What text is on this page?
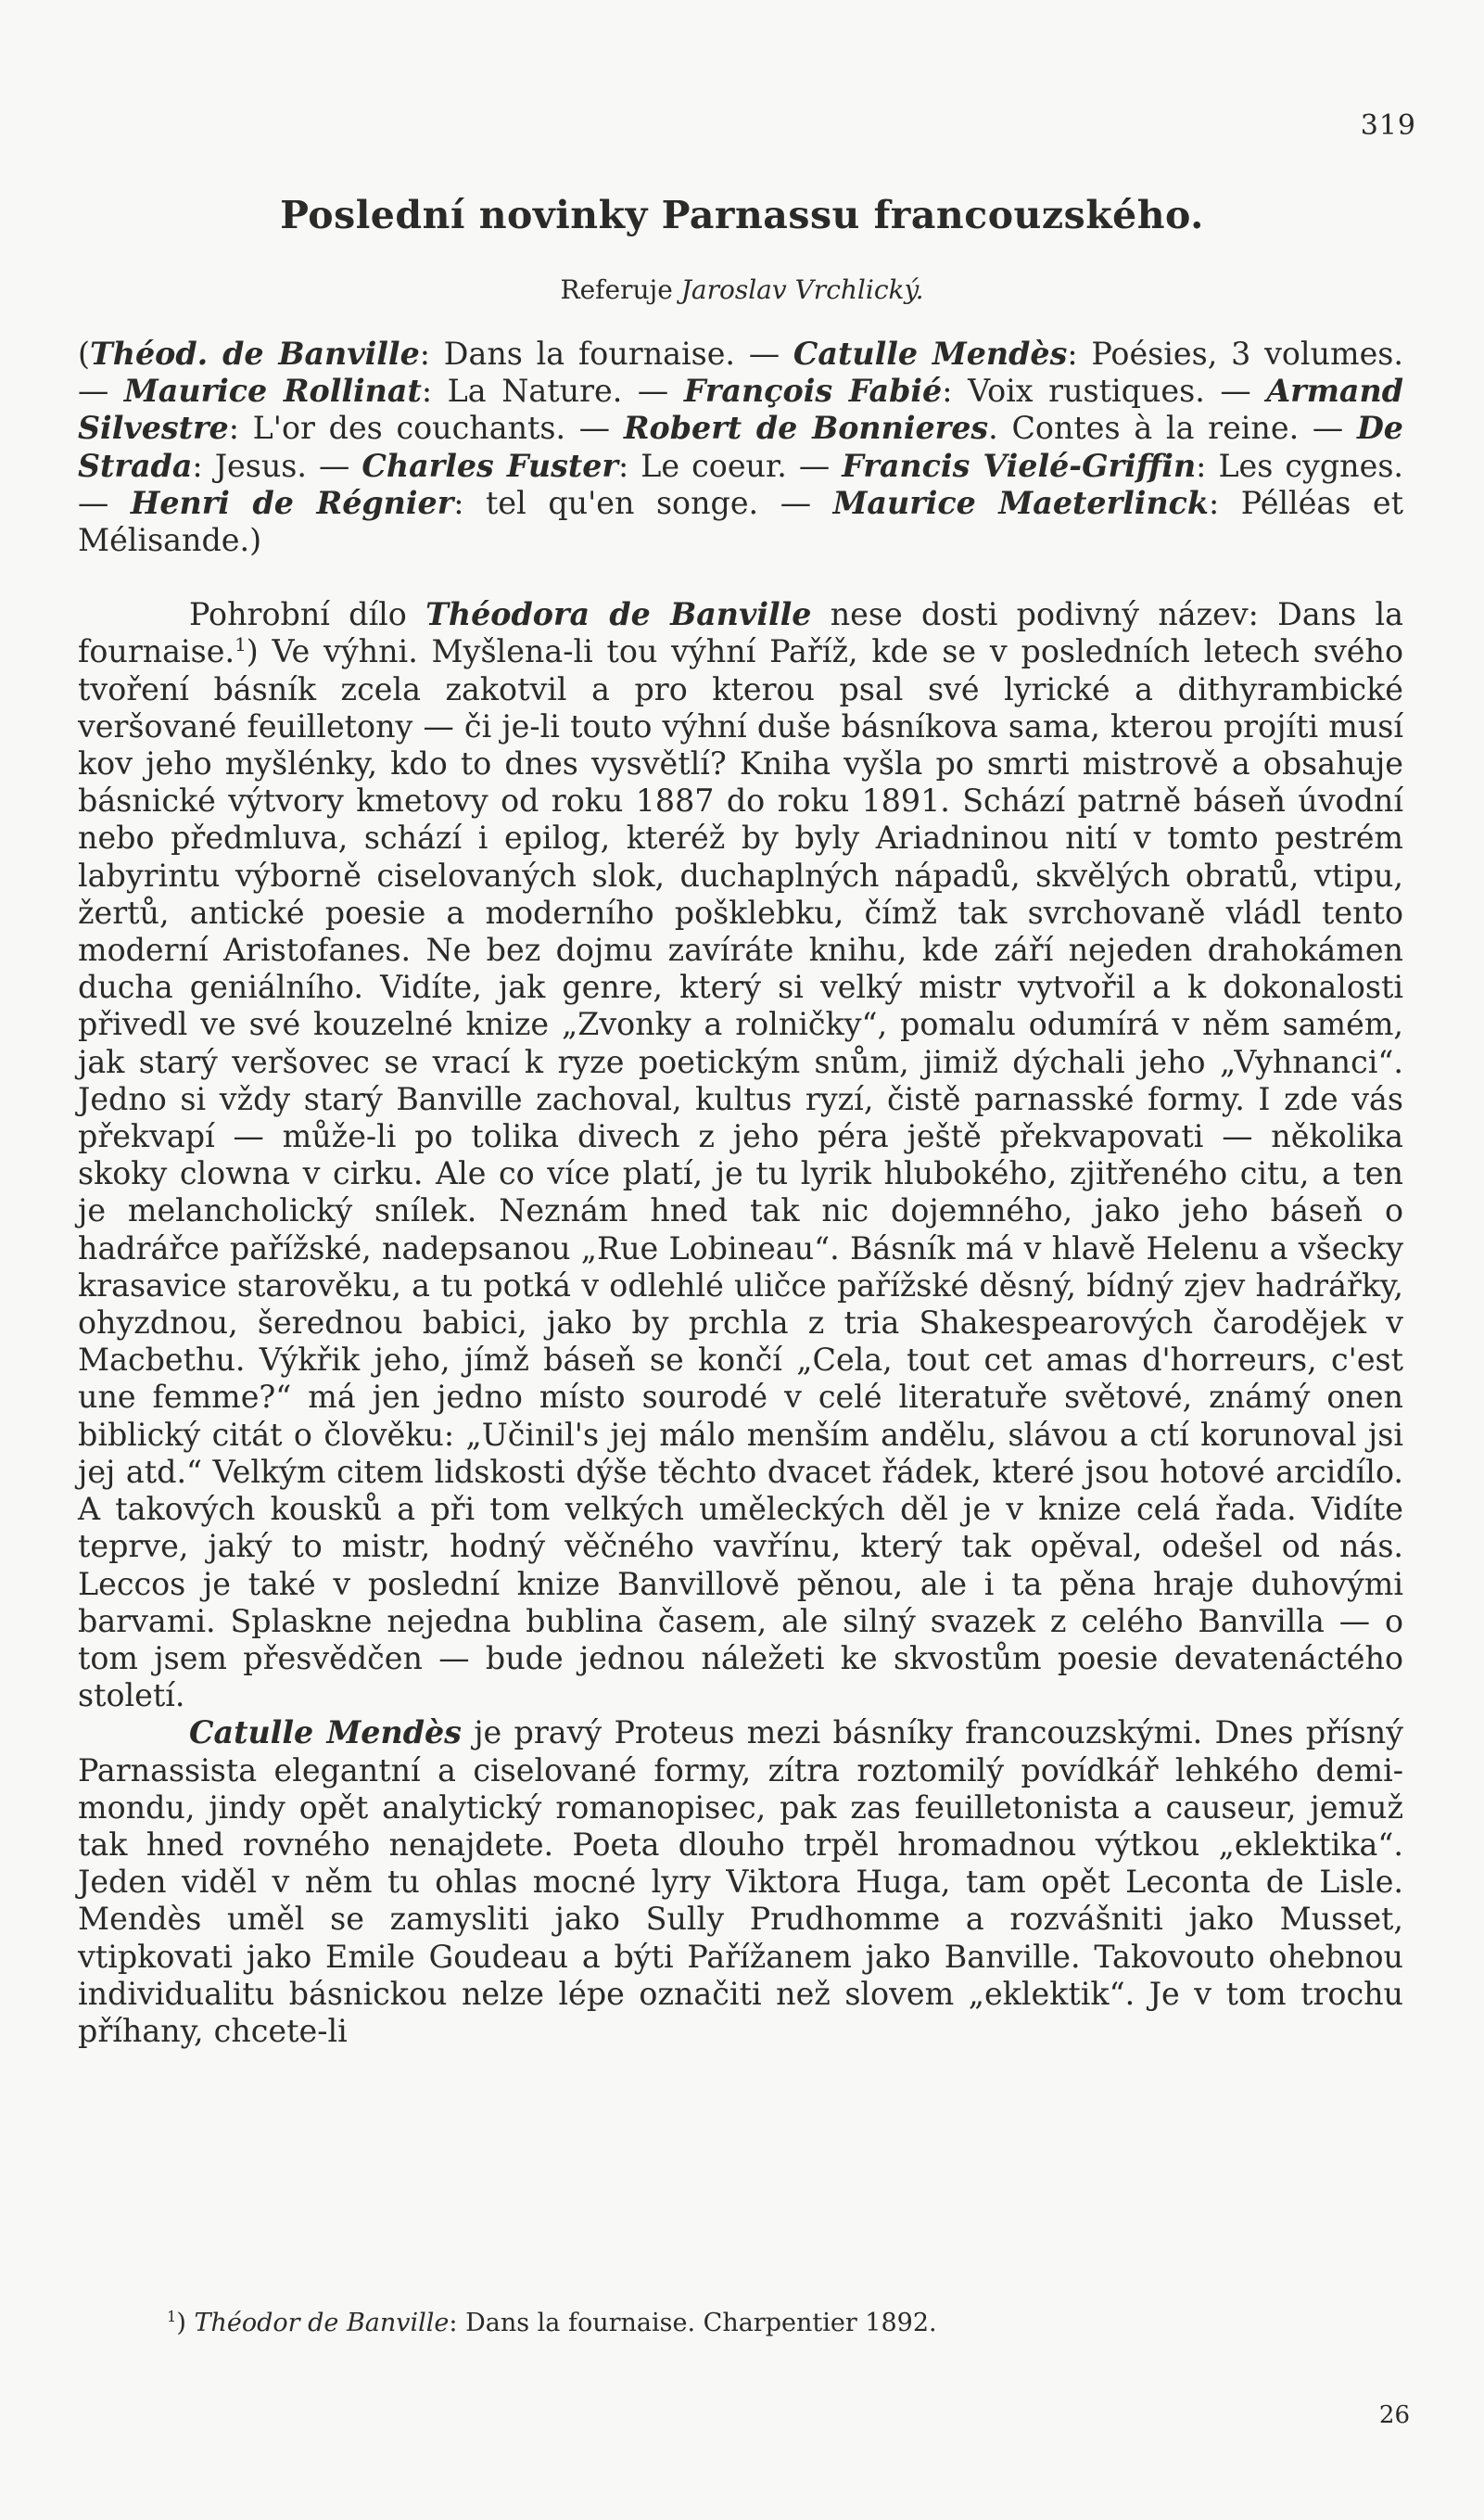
319
Poslední novinky Parnassu francouzského.
Referuje Jaroslav Vrchlický.

(Théod. de Banville: Dans la fournaise. — Catulle Mendès: Poésies, 3 volumes. — Maurice Rollinat: La Nature. — François Fabié: Voix rustiques. — Armand Silvestre: L'or des couchants. — Robert de Bonnieres. Contes à la reine. — De Strada: Jesus. — Charles Fuster: Le coeur. — Francis Vielé-Griffin: Les cygnes. — Henri de Régnier: tel qu'en songe. — Maurice Maeterlinck: Pélléas et Mélisande.)

Pohrobní dílo Théodora de Banville nese dosti podivný název: Dans la fournaise.$^1$) Ve výhni. Myšlena-li tou výhní Paříž, kde se v posledních letech svého tvoření básník zcela zakotvil a pro kterou psal své lyrické a dithyrambické veršované feuilletony — či je-li touto výhní duše básníkova sama, kterou projíti musí kov jeho myšlénky, kdo to dnes vysvětlí? Kniha vyšla po smrti mistrově a obsahuje básnické výtvory kmetovy od roku 1887 do roku 1891. Schází patrně báseň úvodní nebo předmluva, schází i epilog, kteréž by byly Ariadninou nití v tomto pestrém labyrintu výborně ciselovaných slok, duchaplných nápadů, skvělých obratů, vtipu, žertů, antické poesie a moderního pošklebku, čímž tak svrchovaně vládl tento moderní Aristofanes. Ne bez dojmu zavíráte knihu, kde září nejeden drahokámen ducha geniálního. Vidíte, jak genre, který si velký mistr vytvořil a k dokonalosti přivedl ve své kouzelné knize „Zvonky a rolničky“, pomalu odumírá v něm samém, jak starý veršovec se vrací k ryze poetickým snům, jimiž dýchali jeho „Vyhnanci“. Jedno si vždy starý Banville zachoval, kultus ryzí, čistě parnasské formy. I zde vás překvapí — může-li po tolika divech z jeho péra ještě překvapovati — několika skoky clowna v cirku. Ale co více platí, je tu lyrik hlubokého, zjitřeného citu, a ten je melancholický snílek. Neznám hned tak nic dojemného, jako jeho báseň o hadrářce pařížské, nadepsanou „Rue Lobineau“. Básník má v hlavě Helenu a všecky krasavice starověku, a tu potká v odlehlé uličce pařížské děsný, bídný zjev hadrářky, ohyzdnou, šerednou babici, jako by prchla z tria Shakespearových čarodějek v Macbethu. Výkřik jeho, jímž báseň se končí „Cela, tout cet amas d'horreurs, c'est une femme?“ má jen jedno místo sourodé v celé literatuře světové, známý onen biblický citát o člověku: „Učinil's jej málo menším andělu, slávou a ctí korunoval jsi jej atd.“ Velkým citem lidskosti dýše těchto dvacet řádek, které jsou hotové arcidílo. A takových kousků a při tom velkých uměleckých děl je v knize celá řada. Vidíte teprve, jaký to mistr, hodný věčného vavřínu, který tak opěval, odešel od nás. Leccos je také v poslední knize Banvillově pěnou, ale i ta pěna hraje duhovými barvami. Splaskne nejedna bublina časem, ale silný svazek z celého Banvilla — o tom jsem přesvědčen — bude jednou náležeti ke skvostům poesie devatenáctého století.

Catulle Mendès je pravý Proteus mezi básníky francouzskými. Dnes přísný Parnassista elegantní a ciselované formy, zítra roztomilý povídkář lehkého demi-mondu, jindy opět analytický romanopisec, pak zas feuilletonista a causeur, jemuž tak hned rovného nenajdete. Poeta dlouho trpěl hromadnou výtkou „eklektika“. Jeden viděl v něm tu ohlas mocné lyry Viktora Huga, tam opět Leconta de Lisle. Mendès uměl se zamysliti jako Sully Prudhomme a rozvášniti jako Musset, vtipkovati jako Emile Goudeau a býti Pařížanem jako Banville. Takovouto ohebnou individualitu básnickou nelze lépe označiti než slovem „eklektik“. Je v tom trochu příhany, chcete-li

$^1$) Théodor de Banville: Dans la fournaise. Charpentier 1892.
26
